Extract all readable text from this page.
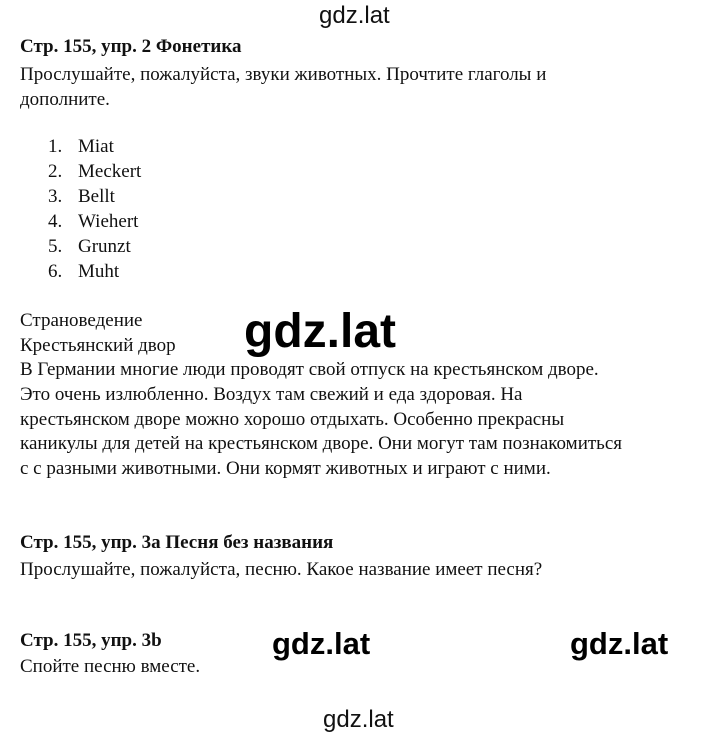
gdz.lat
gdz.lat
gdz.lat	gdz.lat
gdz.lat
Стр. 155, упр. 2 Фонетика
Прослушайте, пожалуйста, звуки животных. Прочтите глаголы и
дополните.
1. Miat
2. Meckert
3. Bellt
4. Wiehert
5. Grunzt
6. Muht
Страноведение
Крестьянский двор
В Германии многие люди проводят свой отпуск на крестьянском дворе.
Это очень излюбленно. Воздух там свежий и еда здоровая. На
крестьянском дворе можно хорошо отдыхать. Особенно прекрасны
каникулы для детей на крестьянском дворе. Они могут там познакомиться
с с разными животными. Они кормят животных и играют с ними.
Стр. 155, упр. 3a Песня без названия
Прослушайте, пожалуйста, песню. Какое название имеет песня?
Стр. 155, упр. 3b
Спойте песню вместе.
